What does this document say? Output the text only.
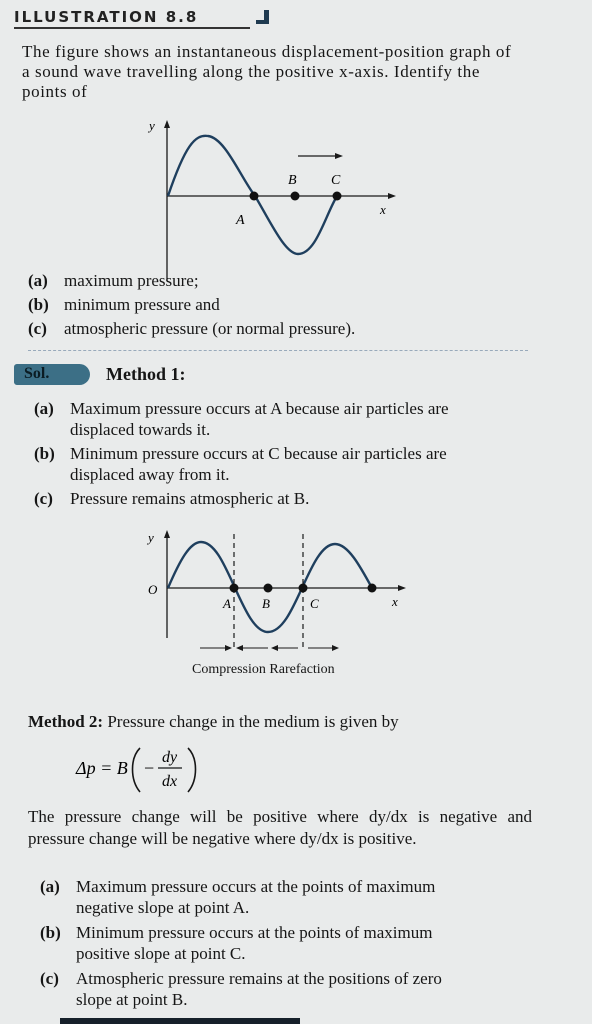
ILLUSTRATION 8.8
The figure shows an instantaneous displacement-position graph of a sound wave travelling along the positive x-axis. Identify the points of
y
x
A
B C
(a) maximum pressure;
(b) minimum pressure and
(c) atmospheric pressure (or normal pressure).
Sol.	Method 1:
(a) Maximum pressure occurs at A because air particles are
displaced towards it.
(b) Minimum pressure occurs at C because air particles are
displaced away from it.
(c) Pressure remains atmospheric at B.
y
O
x
A B	C
Compression Rarefaction
Method 2: Pressure change in the medium is given by
Δp = B −
dy
dx
The pressure change will be positive where dy/dx is negative and pressure change will be negative where dy/dx is positive.
(a) Maximum pressure occurs at the points of maximum
negative slope at point A.
(b) Minimum pressure occurs at the points of maximum
positive slope at point C.
(c) Atmospheric pressure remains at the positions of zero
slope at point B.
